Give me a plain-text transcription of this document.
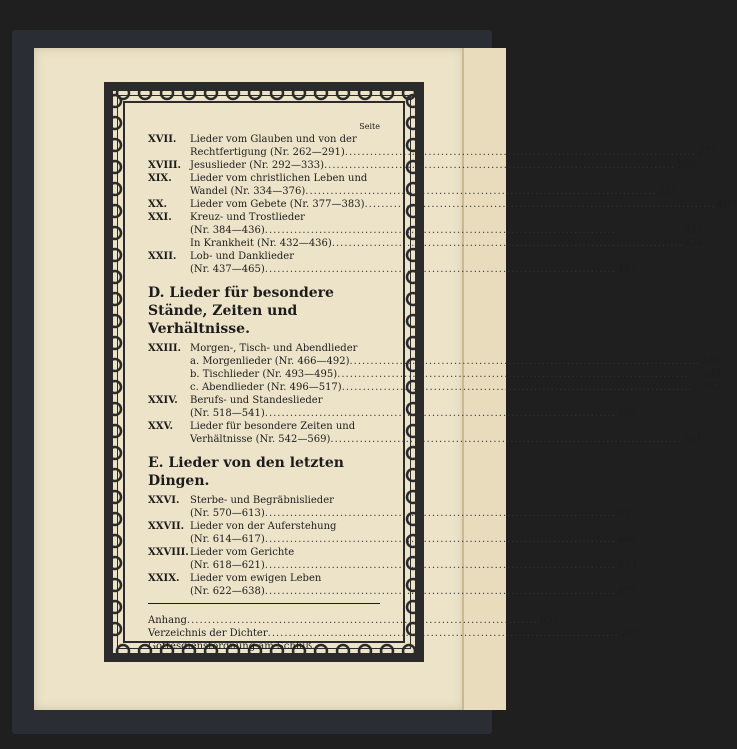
Seite
XVII.	Lieder vom Glauben und von der
Rechtfertigung (Nr. 262—291) .....	271
XVIII. Jesuslieder (Nr. 292—333) .....	309
XIX.	Lieder vom christlichen Leben und
Wandel (Nr. 334—376) .....	357
XX.	Lieder vom Gebete (Nr. 377—383) .....	409
XXI.	Kreuz- und Trostlieder
(Nr. 384—436) .....	417
In Krankheit (Nr. 432—436) .....	474
XXII.	Lob- und Danklieder
(Nr. 437—465) .....	481
D. Lieder für besondere Stände, Zeiten und Verhältnisse.
XXIII. Morgen-, Tisch- und Abendlieder
a. Morgenlieder (Nr. 466—492) .....	519
b. Tischlieder (Nr. 493—495) .....	545
c. Abendlieder (Nr. 496—517) .....	547
XXIV.	Berufs- und Standeslieder
(Nr. 518—541) .....	569
XXV.	Lieder für besondere Zeiten und
Verhältnisse (Nr. 542—569) .....	591
E. Lieder von den letzten Dingen.
XXVI.	Sterbe- und Begräbnislieder
(Nr. 570—613) .....	617
XXVII. Lieder von der Auferstehung
(Nr. 614—617) .....	669
XXVIII. Lieder vom Gerichte
(Nr. 618—621) .....	673
XXIX.	Lieder vom ewigen Leben
(Nr. 622—638) .....	679
Anhang .....	697
Verzeichnis der Dichter .....	713
Gottesdienstordnung am Schluß.
